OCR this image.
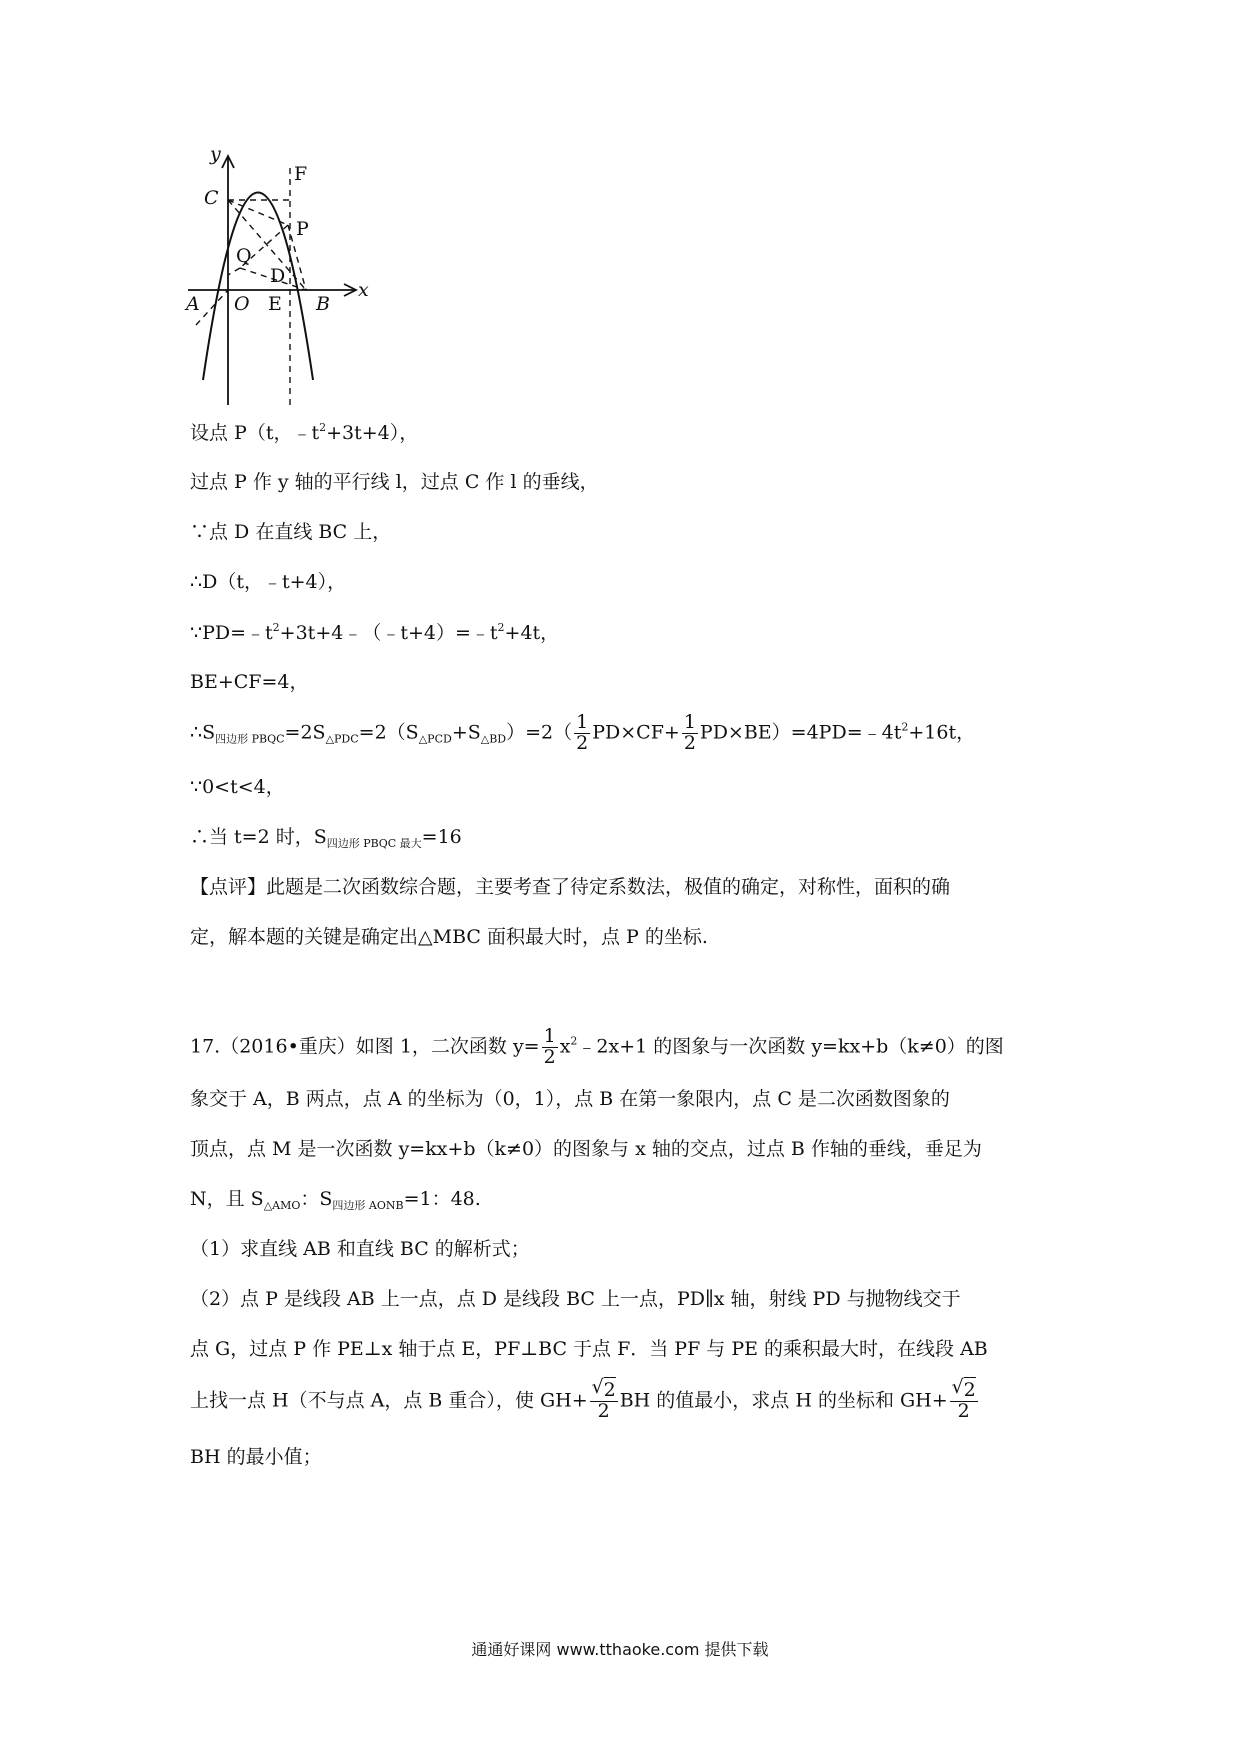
y
x
C
F
P
Q
D
A O E B
设点 P（t，$﹣t^2+3t+4$），
过点 P 作 y 轴的平行线 l，过点 C 作 l 的垂线，
∵点 D 在直线 BC 上，
∴D（t，﹣t+4），
$\because PD=﹣t^2+3t+4﹣(﹣t+4)=﹣t^2+4t$，
BE+CF=4，
$\therefore S_{四边形 PBQC}=2S_{\triangle PDC}=2(S_{\triangle PCD}+S_{\triangle BD})=2( \frac{1}{2} PD\times CF+ \frac{1}{2}$ $PD\times BE)=4PD=﹣4t^2+16t$，
∵0<t<4，
∴当 t=2 时，$S_{四边形 PBQC 最大}=16$
【点评】此题是二次函数综合题，主要考查了待定系数法，极值的确定，对称性，面积的确
定，解本题的关键是确定出△MBC 面积最大时，点 P 的坐标.
17.（2016•重庆）如图 1，二次函数 $y= \frac{1}{2}$ $x^2﹣2x+1$ 的图象与一次函数 y=kx+b（k≠0）的图
象交于 A，B 两点，点 A 的坐标为（0，1），点 B 在第一象限内，点 C 是二次函数图象的
顶点，点 M 是一次函数 y=kx+b（k≠0）的图象与 x 轴的交点，过点 B 作轴的垂线，垂足为
N，且 $S_{\triangle AMO}$：$S_{四边形 AONB}=1$：48.
（1）求直线 AB 和直线 BC 的解析式；
（2）点 P 是线段 AB 上一点，点 D 是线段 BC 上一点，PD∥x 轴，射线 PD 与抛物线交于
点 G，过点 P 作 PE⊥x 轴于点 E，PF⊥BC 于点 F．当 PF 与 PE 的乘积最大时，在线段 AB
上找一点 H（不与点 A，点 B 重合），使 $GH+ \frac{√ 2}{2}$ BH 的值最小，求点 H 的坐标和 $GH+ \frac{√ 2}{2}$
BH 的最小值；
通通好课网 www.tthaoke.com 提供下载
